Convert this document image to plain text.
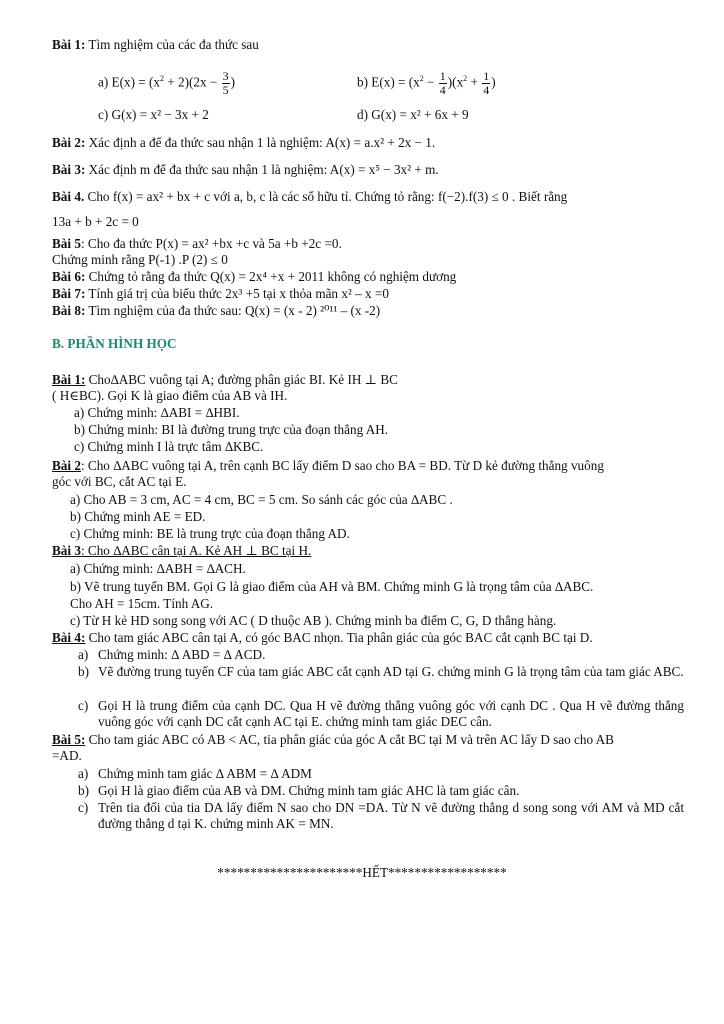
Bài 1: Tìm nghiệm của các đa thức sau
a) $E(x) = (x^2 + 2)(2x - \frac{3}{5}$ )	b) $E(x) = (x^2 - \frac{1}{4} )(x^2 + \frac{1}{4}$ )
c) G(x) = x² − 3x + 2	d) G(x) = x² + 6x + 9
Bài 2: Xác định a để đa thức sau nhận 1 là nghiệm: A(x) = a.x² + 2x − 1.
Bài 3: Xác định m để đa thức sau nhận 1 là nghiệm: A(x) = x⁵ − 3x² + m.
Bài 4. Cho f(x) = ax² + bx + c với a, b, c là các số hữu tỉ. Chứng tỏ rằng: f(−2).f(3) ≤ 0 . Biết rằng
13a + b + 2c = 0
Bài 5: Cho đa thức P(x) = ax² +bx +c và 5a +b +2c =0.
Chứng minh rằng P(-1) .P (2) ≤ 0
Bài 6: Chứng tỏ rằng đa thức Q(x) = 2x⁴ +x + 2011 không có nghiệm dương
Bài 7: Tính giá trị của biểu thức 2x³ +5 tại x thỏa mãn x² – x =0
Bài 8: Tìm nghiệm của đa thức sau: Q(x) = (x - 2) ²⁰¹¹ – (x -2)
B. PHẦN HÌNH HỌC
Bài 1: Cho∆ABC vuông tại A; đường phân giác BI. Kẻ IH ⊥ BC
( H∈BC). Gọi K là giao điểm của AB và IH.
a) Chứng minh: ∆ABI = ∆HBI.
b) Chứng minh: BI là đường trung trực của đoạn thẳng AH.
c) Chứng minh I là trực tâm ∆KBC.
Bài 2: Cho ∆ABC vuông tại A, trên cạnh BC lấy điểm D sao cho BA = BD. Từ D kẻ đường thẳng vuông
góc với BC, cắt AC tại E.
a) Cho AB = 3 cm, AC = 4 cm, BC = 5 cm. So sánh các góc của ∆ABC .
b) Chứng minh AE = ED.
c) Chứng minh: BE là trung trực của đoạn thẳng AD.
Bài 3: Cho ∆ABC cân tại A. Kẻ AH ⊥ BC tại H.
a) Chứng minh: ∆ABH = ∆ACH.
b) Vẽ trung tuyến BM. Gọi G là giao điểm của AH và BM. Chứng minh G là trọng tâm của ∆ABC.
Cho AH = 15cm. Tính AG.
c) Từ H kẻ HD song song với AC ( D thuộc AB ). Chứng minh ba điểm C, G, D thẳng hàng.
Bài 4: Cho tam giác ABC cân tại A, có góc BAC nhọn. Tia phân giác của góc BAC cắt cạnh BC tại D.
a) Chứng minh: ∆ ABD = ∆ ACD.
b) Vẽ đường trung tuyến CF của tam giác ABC cắt cạnh AD tại G. chứng minh G là trọng tâm của tam giác ABC.
c) Gọi H là trung điểm của cạnh DC. Qua H vẽ đường thẳng vuông góc với cạnh DC . Qua H vẽ đường thẳng vuông góc với cạnh DC cắt cạnh AC tại E. chứng minh tam giác DEC cân.
Bài 5: Cho tam giác ABC có AB < AC, tia phân giác của góc A cắt BC tại M và trên AC lấy D sao cho AB
=AD.
a) Chứng minh tam giác ∆ ABM = ∆ ADM
b) Gọi H là giao điểm của AB và DM. Chứng minh tam giác AHC là tam giác cân.
c) Trên tia đối của tia DA lấy điểm N sao cho DN =DA. Từ N vẽ đường thẳng d song song với AM và MD cắt đường thẳng d tại K. chứng minh AK = MN.
**********************HẾT******************
